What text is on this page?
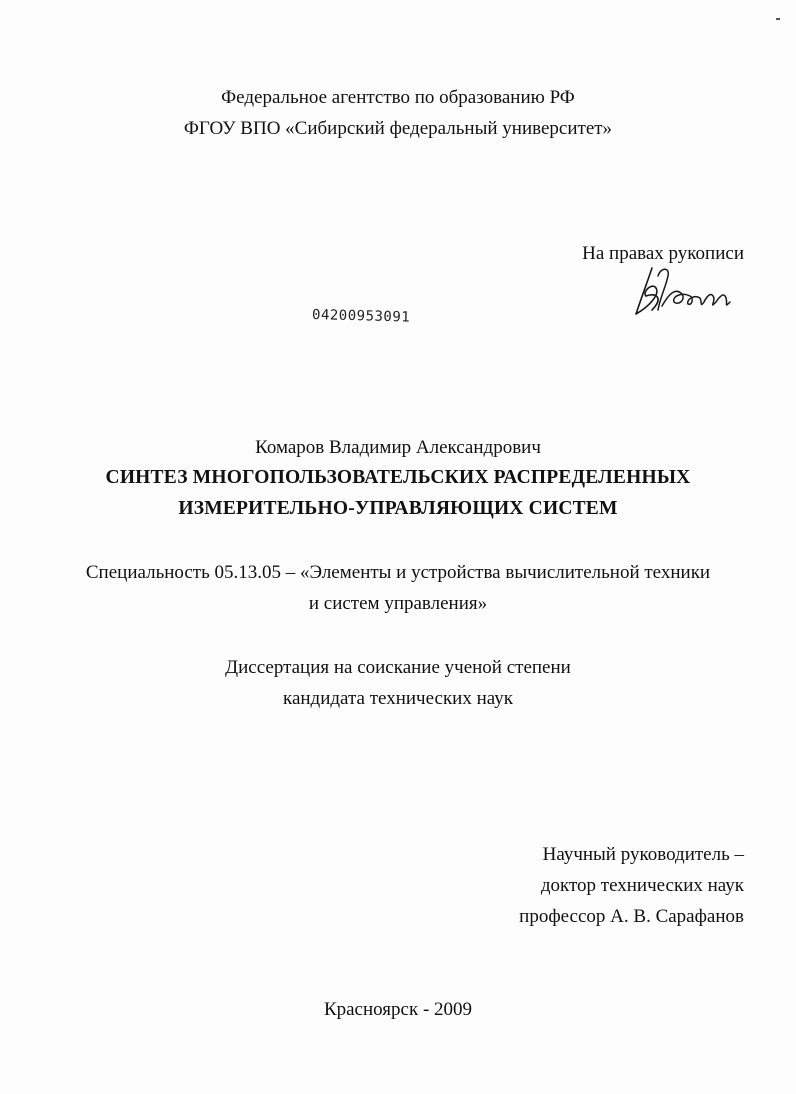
Федеральное агентство по образованию РФ
ФГОУ ВПО «Сибирский федеральный университет»
На правах рукописи
04200953091
Комаров Владимир Александрович
СИНТЕЗ МНОГОПОЛЬЗОВАТЕЛЬСКИХ РАСПРЕДЕЛЕННЫХ
ИЗМЕРИТЕЛЬНО-УПРАВЛЯЮЩИХ СИСТЕМ
Специальность 05.13.05 – «Элементы и устройства вычислительной техники
и систем управления»
Диссертация на соискание ученой степени
кандидата технических наук
Научный руководитель –
доктор технических наук
профессор А. В. Сарафанов
Красноярск - 2009
